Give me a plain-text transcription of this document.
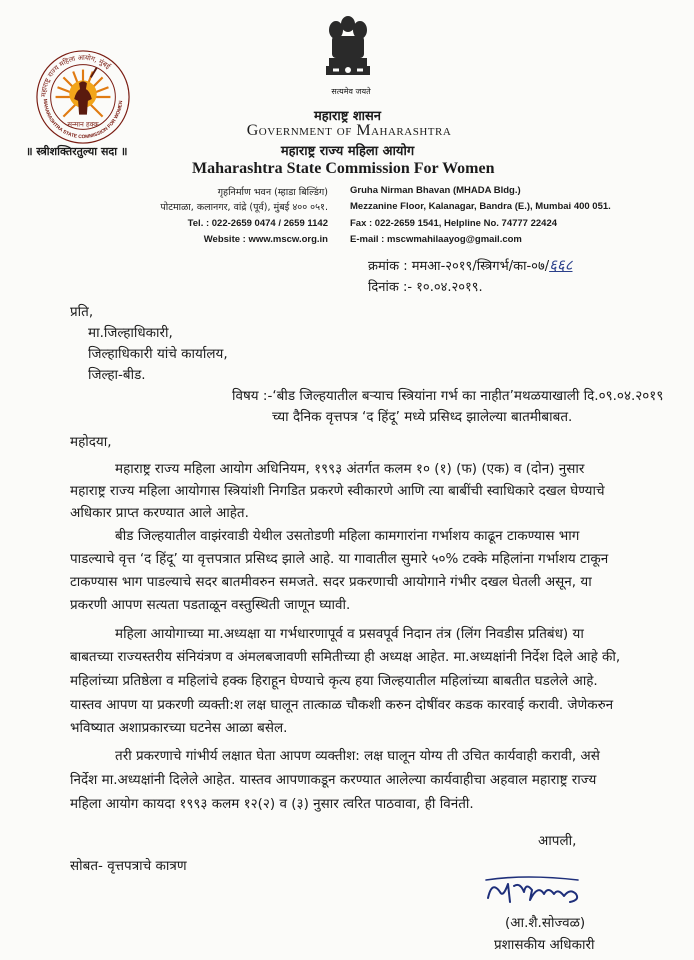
सन्मान हक्क
महाराष्ट्र राज्य महिला आयोग, मुंबई
MAHARASHTRA STATE COMMISSION FOR WOMEN
सत्यमेव जयते
महाराष्ट्र शासन
Government of Maharashtra
महाराष्ट्र राज्य महिला आयोग
Maharashtra State Commission For Women
॥ स्त्रीशक्तिरतुल्या सदा ॥
गृहनिर्माण भवन (म्हाडा बिल्डिंग)
पोटमाळा, कलानगर, वांद्रे (पूर्व), मुंबई ४०० ०५१.
Tel. : 022-2659 0474 / 2659 1142
Website : www.mscw.org.in
Gruha Nirman Bhavan (MHADA Bldg.)
Mezzanine Floor, Kalanagar, Bandra (E.), Mumbai 400 051.
Fax : 022-2659 1541, Helpline No. 74777 22424
E-mail : mscwmahilaayog@gmail.com
क्रमांक : ममआ-२०१९/स्त्रिगर्भ/का-०७/६६८
दिनांक :- १०.०४.२०१९.
प्रति,
मा.जिल्हाधिकारी,
जिल्हाधिकारी यांचे कार्यालय,
जिल्हा-बीड.
विषय :-‘बीड जिल्हयातील बऱ्याच स्त्रियांना गर्भ का नाहीत’मथळयाखाली दि.०९.०४.२०१९
च्या दैनिक वृत्तपत्र ‘द हिंदू’ मध्ये प्रसिध्द झालेल्या बातमीबाबत.
महोदया,
महाराष्ट्र राज्य महिला आयोग अधिनियम, १९९३ अंतर्गत कलम १० (१) (फ) (एक) व (दोन) नुसार
महाराष्ट्र राज्य महिला आयोगास स्त्रियांशी निगडित प्रकरणे स्वीकारणे आणि त्या बाबींची स्वाधिकारे दखल घेण्याचे
अधिकार प्राप्त करण्यात आले आहेत.
बीड जिल्हयातील वाझंरवाडी येथील उसतोडणी महिला कामगारांना गर्भाशय काढून टाकण्यास भाग
पाडल्याचे वृत्त ‘द हिंदू’ या वृत्तपत्रात प्रसिध्द झाले आहे. या गावातील सुमारे ५०% टक्के महिलांना गर्भाशय टाकून
टाकण्यास भाग पाडल्याचे सदर बातमीवरुन समजते. सदर प्रकरणाची आयोगाने गंभीर दखल घेतली असून, या
प्रकरणी आपण सत्यता पडताळून वस्तुस्थिती जाणून घ्यावी.
महिला आयोगाच्या मा.अध्यक्षा या गर्भधारणापूर्व व प्रसवपूर्व निदान तंत्र (लिंग निवडीस प्रतिबंध) या
बाबतच्या राज्यस्तरीय संनियंत्रण व अंमलबजावणी समितीच्या ही अध्यक्ष आहेत. मा.अध्यक्षांनी निर्देश दिले आहे की,
महिलांच्या प्रतिष्ठेला व महिलांचे हक्क हिराहून घेण्याचे कृत्य हया जिल्हयातील महिलांच्या बाबतीत घडलेले आहे.
यास्तव आपण या प्रकरणी व्यक्ती:श लक्ष घालून तात्काळ चौकशी करुन दोषींवर कडक कारवाई करावी. जेणेकरुन
भविष्यात अशाप्रकारच्या घटनेस आळा बसेल.
तरी प्रकरणाचे गांभीर्य लक्षात घेता आपण व्यक्तीश: लक्ष घालून योग्य ती उचित कार्यवाही करावी, असे
निर्देश मा.अध्यक्षांनी दिलेले आहेत. यास्तव आपणाकडून करण्यात आलेल्या कार्यवाहीचा अहवाल महाराष्ट्र राज्य
महिला आयोग कायदा १९९३ कलम १२(२) व (३) नुसार त्वरित पाठवावा, ही विनंती.
आपली,
सोबत- वृत्तपत्राचे कात्रण
(आ.शै.सोज्वळ)
प्रशासकीय अधिकारी
